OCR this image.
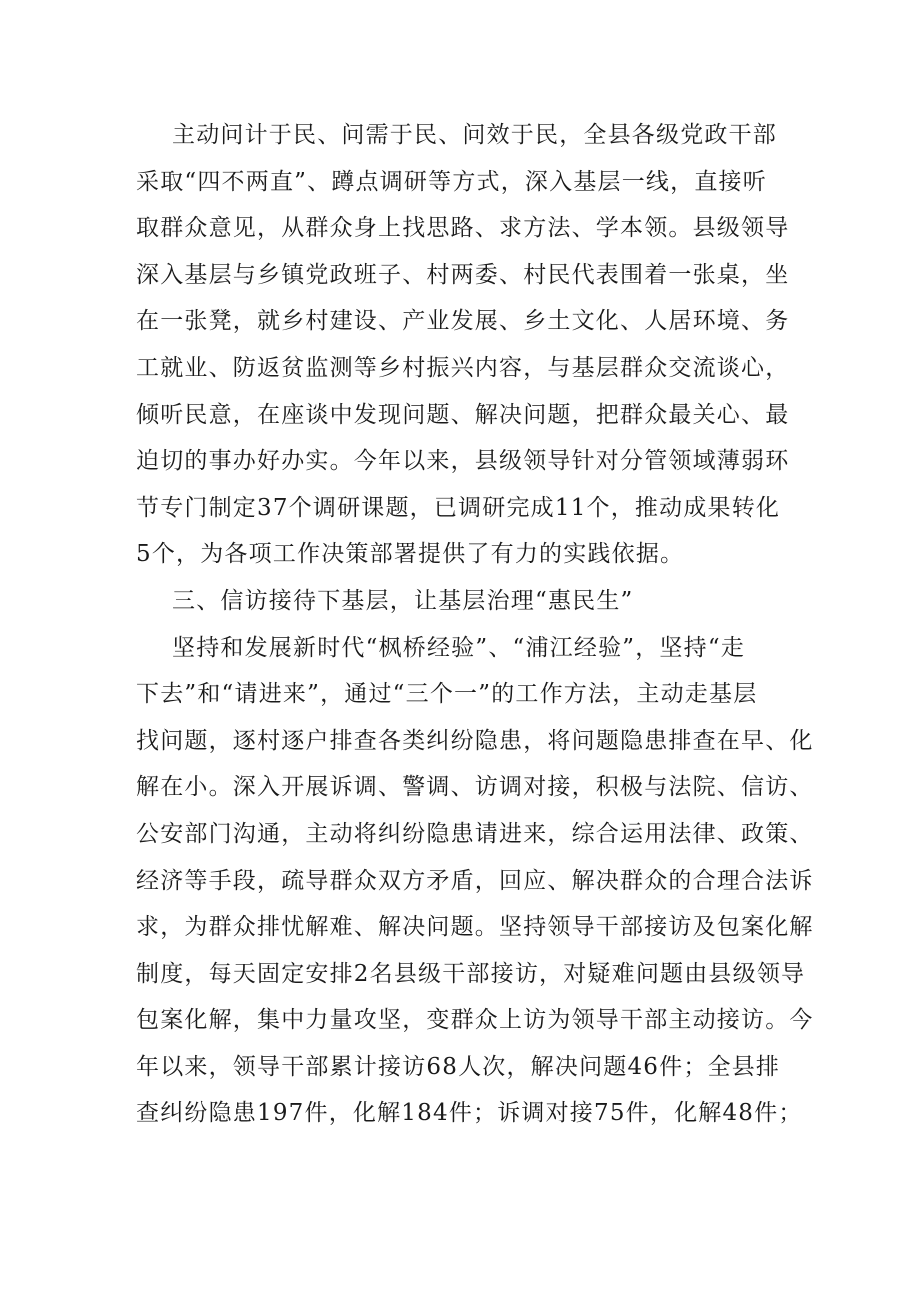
主动问计于民、问需于民、问效于民，全县各级党政干部
采取“四不两直”、蹲点调研等方式，深入基层一线，直接听
取群众意见，从群众身上找思路、求方法、学本领。县级领导
深入基层与乡镇党政班子、村两委、村民代表围着一张桌，坐
在一张凳，就乡村建设、产业发展、乡土文化、人居环境、务
工就业、防返贫监测等乡村振兴内容，与基层群众交流谈心，
倾听民意，在座谈中发现问题、解决问题，把群众最关心、最
迫切的事办好办实。今年以来，县级领导针对分管领域薄弱环
节专门制定37个调研课题，已调研完成11个，推动成果转化
5个，为各项工作决策部署提供了有力的实践依据。
三、信访接待下基层，让基层治理“惠民生”
坚持和发展新时代“枫桥经验”、“浦江经验”，坚持“走
下去”和“请进来”，通过“三个一”的工作方法，主动走基层
找问题，逐村逐户排查各类纠纷隐患，将问题隐患排查在早、化
解在小。深入开展诉调、警调、访调对接，积极与法院、信访、
公安部门沟通，主动将纠纷隐患请进来，综合运用法律、政策、
经济等手段，疏导群众双方矛盾，回应、解决群众的合理合法诉
求，为群众排忧解难、解决问题。坚持领导干部接访及包案化解
制度，每天固定安排2名县级干部接访，对疑难问题由县级领导
包案化解，集中力量攻坚，变群众上访为领导干部主动接访。今
年以来，领导干部累计接访68人次，解决问题46件；全县排
查纠纷隐患197件，化解184件；诉调对接75件，化解48件；
